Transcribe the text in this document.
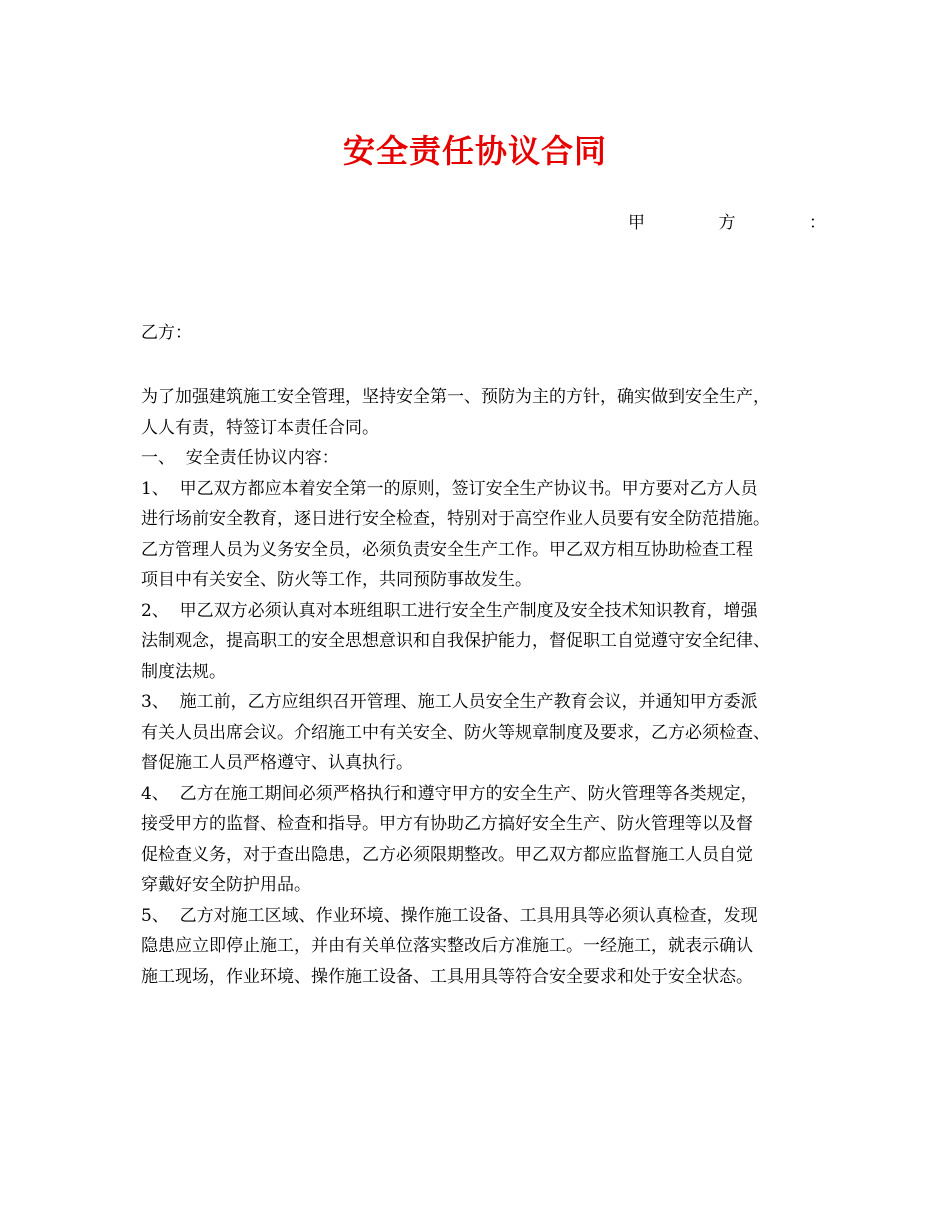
安全责任协议合同
甲	方	：
乙方：
为了加强建筑施工安全管理，坚持安全第一、预防为主的方针，确实做到安全生产，
人人有责，特签订本责任合同。
一、  安全责任协议内容：
1、  甲乙双方都应本着安全第一的原则，签订安全生产协议书。甲方要对乙方人员
进行场前安全教育，逐日进行安全检查，特别对于高空作业人员要有安全防范措施。
乙方管理人员为义务安全员，必须负责安全生产工作。甲乙双方相互协助检查工程
项目中有关安全、防火等工作，共同预防事故发生。
2、  甲乙双方必须认真对本班组职工进行安全生产制度及安全技术知识教育，增强
法制观念，提高职工的安全思想意识和自我保护能力，督促职工自觉遵守安全纪律、
制度法规。
3、  施工前，乙方应组织召开管理、施工人员安全生产教育会议，并通知甲方委派
有关人员出席会议。介绍施工中有关安全、防火等规章制度及要求，乙方必须检查、
督促施工人员严格遵守、认真执行。
4、  乙方在施工期间必须严格执行和遵守甲方的安全生产、防火管理等各类规定，
接受甲方的监督、检查和指导。甲方有协助乙方搞好安全生产、防火管理等以及督
促检查义务，对于查出隐患，乙方必须限期整改。甲乙双方都应监督施工人员自觉
穿戴好安全防护用品。
5、  乙方对施工区域、作业环境、操作施工设备、工具用具等必须认真检查，发现
隐患应立即停止施工，并由有关单位落实整改后方准施工。一经施工，就表示确认
施工现场，作业环境、操作施工设备、工具用具等符合安全要求和处于安全状态。
